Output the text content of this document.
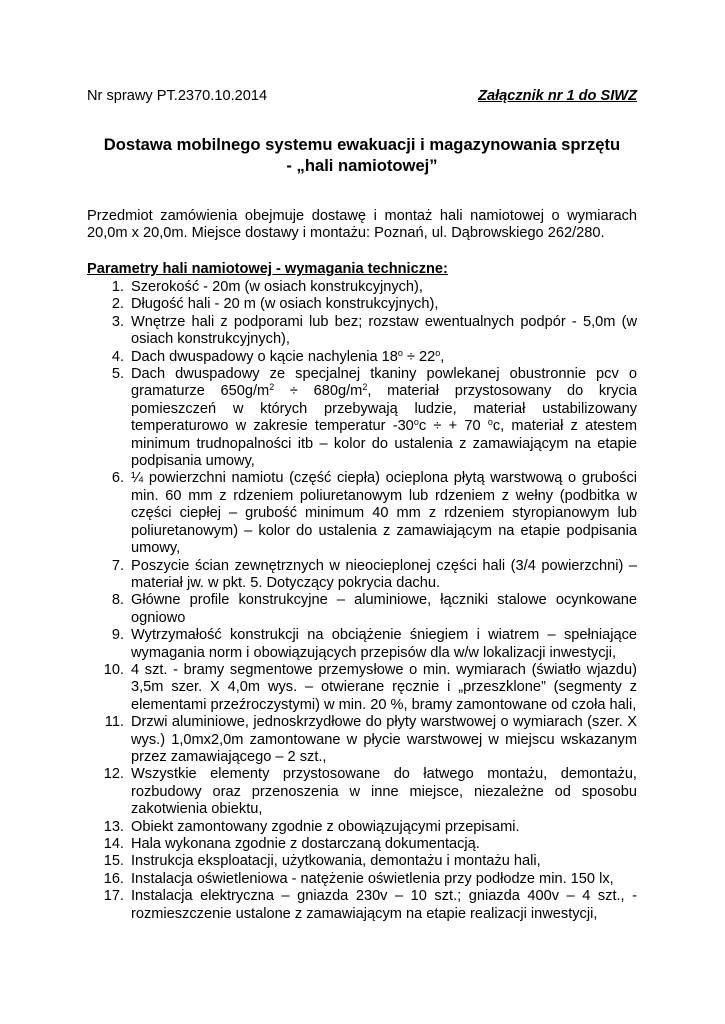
Nr sprawy PT.2370.10.2014	Załącznik nr 1 do SIWZ
Dostawa mobilnego systemu ewakuacji i magazynowania sprzętu
- „hali namiotowej”

Przedmiot zamówienia obejmuje dostawę i montaż hali namiotowej o wymiarach 20,0m x 20,0m. Miejsce dostawy i montażu: Poznań, ul. Dąbrowskiego 262/280.

Parametry hali namiotowej - wymagania techniczne:
1. Szerokość - 20m (w osiach konstrukcyjnych),
2. Długość hali - 20 m (w osiach konstrukcyjnych),
3. Wnętrze hali z podporami lub bez; rozstaw ewentualnych podpór - 5,0m (w osiach konstrukcyjnych),
4. Dach dwuspadowy o kącie nachylenia $18^o \div 22^o$,
5. Dach dwuspadowy ze specjalnej tkaniny powlekanej obustronnie pcv o gramaturze $650g/m^2 \div 680g/m^2$, materiał przystosowany do krycia pomieszczeń w których przebywają ludzie, materiał ustabilizowany temperaturowo w zakresie temperatur $-30^oc$ ÷ + 70 $^o$c, materiał z atestem minimum trudnopalności itb – kolor do ustalenia z zamawiającym na etapie podpisania umowy,
6. ¼ powierzchni namiotu (część ciepła) ocieplona płytą warstwową o grubości min. 60 mm z rdzeniem poliuretanowym lub rdzeniem z wełny (podbitka w części ciepłej – grubość minimum 40 mm z rdzeniem styropianowym lub poliuretanowym) – kolor do ustalenia z zamawiającym na etapie podpisania umowy,
7. Poszycie ścian zewnętrznych w nieocieplonej części hali (3/4 powierzchni) – materiał jw. w pkt. 5. Dotyczący pokrycia dachu.
8. Główne profile konstrukcyjne – aluminiowe, łączniki stalowe ocynkowane ogniowo
9. Wytrzymałość konstrukcji na obciążenie śniegiem i wiatrem – spełniające wymagania norm i obowiązujących przepisów dla w/w lokalizacji inwestycji,
10. 4 szt. - bramy segmentowe przemysłowe o min. wymiarach (światło wjazdu) 3,5m szer. X 4,0m wys. – otwierane ręcznie i „przeszklone” (segmenty z elementami przeźroczystymi) w min. 20 %, bramy zamontowane od czoła hali,
11. Drzwi aluminiowe, jednoskrzydłowe do płyty warstwowej o wymiarach (szer. X wys.) 1,0mx2,0m zamontowane w płycie warstwowej w miejscu wskazanym przez zamawiającego – 2 szt.,
12. Wszystkie elementy przystosowane do łatwego montażu, demontażu, rozbudowy oraz przenoszenia w inne miejsce, niezależne od sposobu zakotwienia obiektu,
13. Obiekt zamontowany zgodnie z obowiązującymi przepisami.
14. Hala wykonana zgodnie z dostarczaną dokumentacją.
15. Instrukcja eksploatacji, użytkowania, demontażu i montażu hali,
16. Instalacja oświetleniowa - natężenie oświetlenia przy podłodze min. 150 lx,
17. Instalacja elektryczna – gniazda 230v – 10 szt.; gniazda 400v – 4 szt., - rozmieszczenie ustalone z zamawiającym na etapie realizacji inwestycji,
